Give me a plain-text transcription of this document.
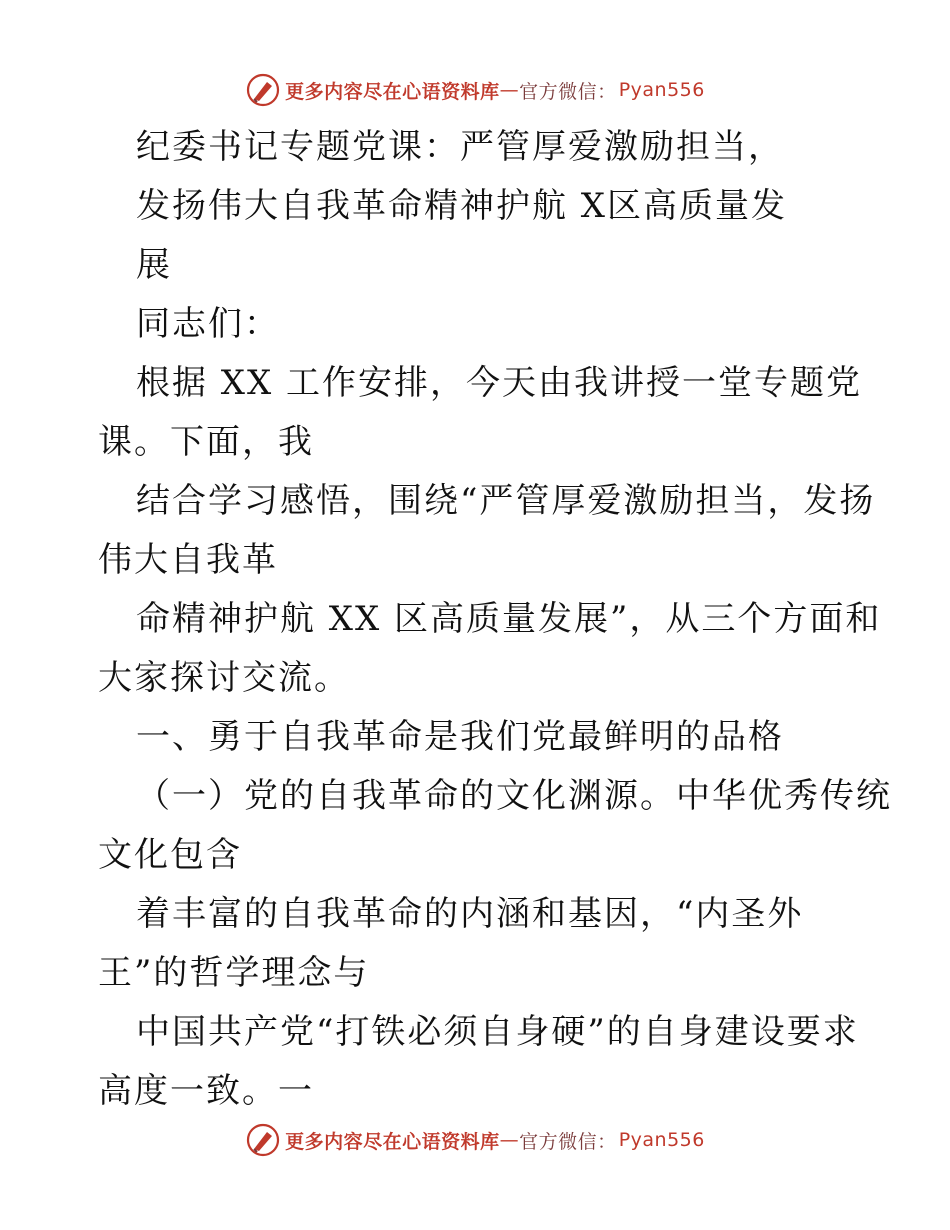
更多内容尽在心语资料库 — 官方微信： Pyan556

纪委书记专题党课：严管厚爱激励担当，

发扬伟大自我革命精神护航 X区高质量发

展

同志们：

根据 XX 工作安排，今天由我讲授一堂专题党

课。下面，我

结合学习感悟，围绕“严管厚爱激励担当，发扬

伟大自我革

命精神护航 XX 区高质量发展”，从三个方面和

大家探讨交流。

一、勇于自我革命是我们党最鲜明的品格

（一）党的自我革命的文化渊源。中华优秀传统

文化包含

着丰富的自我革命的内涵和基因，“内圣外

王”的哲学理念与

中国共产党“打铁必须自身硬”的自身建设要求

高度一致。一

更多内容尽在心语资料库 — 官方微信： Pyan556
